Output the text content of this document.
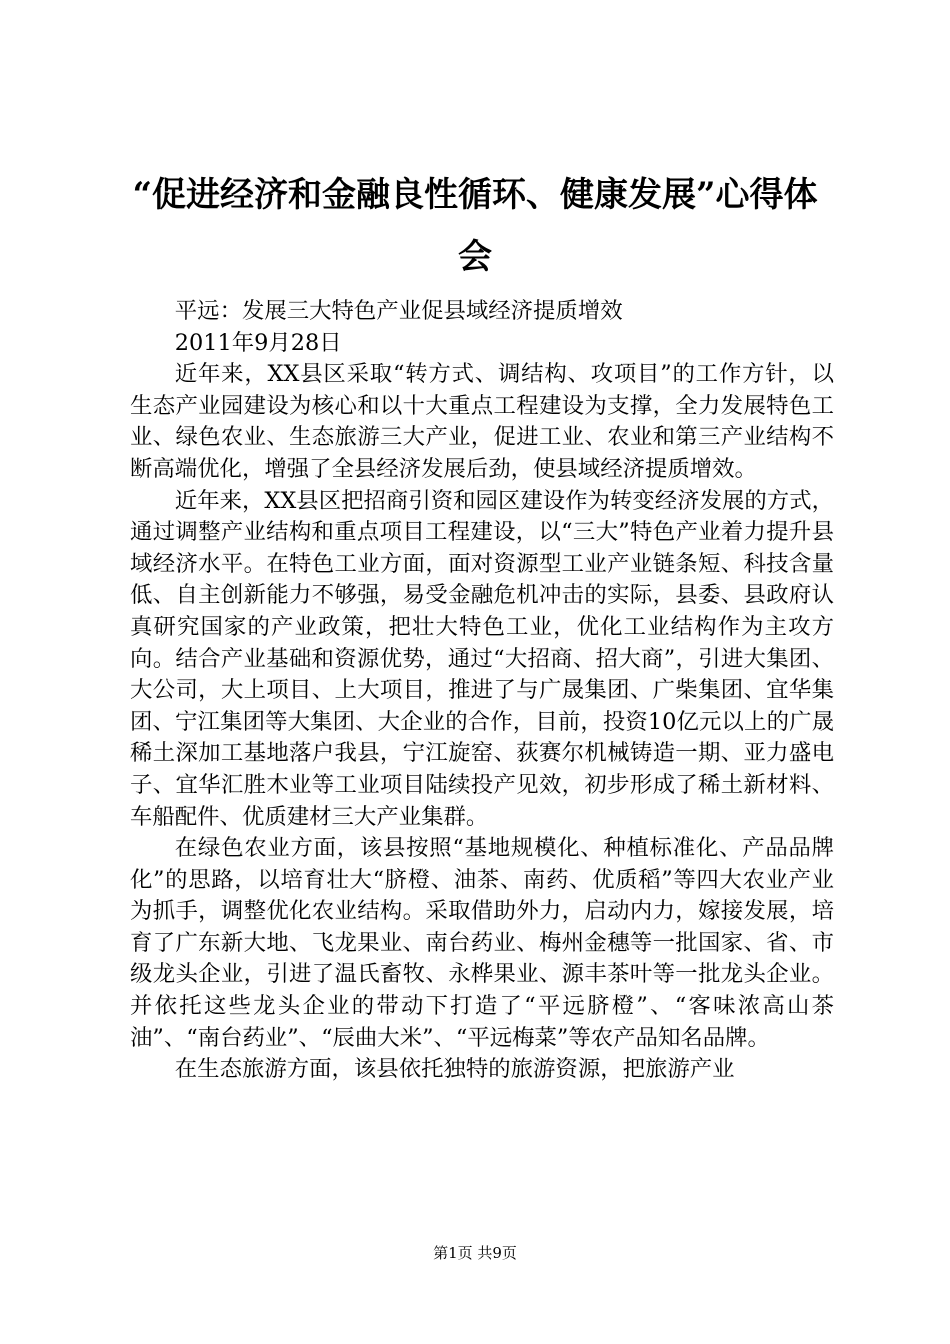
“促进经济和金融良性循环、健康发展”心得体会

平远：发展三大特色产业促县域经济提质增效

2011年9月28日

近年来，XX县区采取“转方式、调结构、攻项目”的工作方针，以生态产业园建设为核心和以十大重点工程建设为支撑，全力发展特色工业、绿色农业、生态旅游三大产业，促进工业、农业和第三产业结构不断高端优化，增强了全县经济发展后劲，使县域经济提质增效。

近年来，XX县区把招商引资和园区建设作为转变经济发展的方式，通过调整产业结构和重点项目工程建设，以“三大”特色产业着力提升县域经济水平。在特色工业方面，面对资源型工业产业链条短、科技含量低、自主创新能力不够强，易受金融危机冲击的实际，县委、县政府认真研究国家的产业政策，把壮大特色工业，优化工业结构作为主攻方向。结合产业基础和资源优势，通过“大招商、招大商”，引进大集团、大公司，大上项目、上大项目，推进了与广晟集团、广柴集团、宜华集团、宁江集团等大集团、大企业的合作，目前，投资10亿元以上的广晟稀土深加工基地落户我县，宁江旋窑、荻赛尔机械铸造一期、亚力盛电子、宜华汇胜木业等工业项目陆续投产见效，初步形成了稀土新材料、车船配件、优质建材三大产业集群。

在绿色农业方面，该县按照“基地规模化、种植标准化、产品品牌化”的思路，以培育壮大“脐橙、油茶、南药、优质稻”等四大农业产业为抓手，调整优化农业结构。采取借助外力，启动内力，嫁接发展，培育了广东新大地、飞龙果业、南台药业、梅州金穗等一批国家、省、市级龙头企业，引进了温氏畜牧、永桦果业、源丰茶叶等一批龙头企业。并依托这些龙头企业的带动下打造了“平远脐橙”、“客味浓高山茶油”、“南台药业”、“辰曲大米”、“平远梅菜”等农产品知名品牌。

在生态旅游方面，该县依托独特的旅游资源，把旅游产业

第1页 共9页
